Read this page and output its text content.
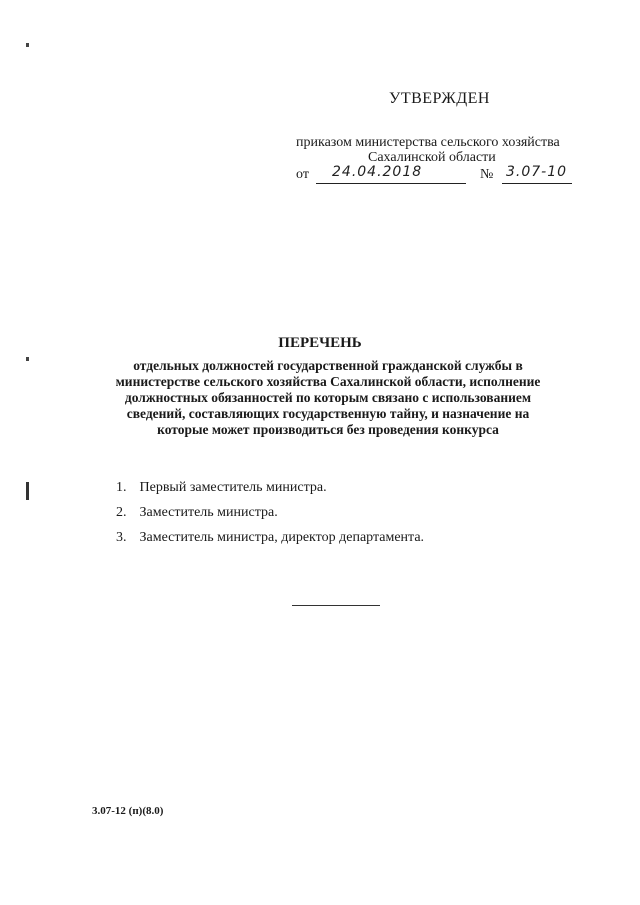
УТВЕРЖДЕН
приказом министерства сельского хозяйства
Сахалинской области
от 24.04.2018	№ 3.07-10
ПЕРЕЧЕНЬ
отдельных должностей государственной гражданской службы в министерстве сельского хозяйства Сахалинской области, исполнение должностных обязанностей по которым связано с использованием сведений, составляющих государственную тайну, и назначение на которые может производиться без проведения конкурса
1. Первый заместитель министра.
2. Заместитель министра.
3. Заместитель министра, директор департамента.
3.07-12 (п)(8.0)
